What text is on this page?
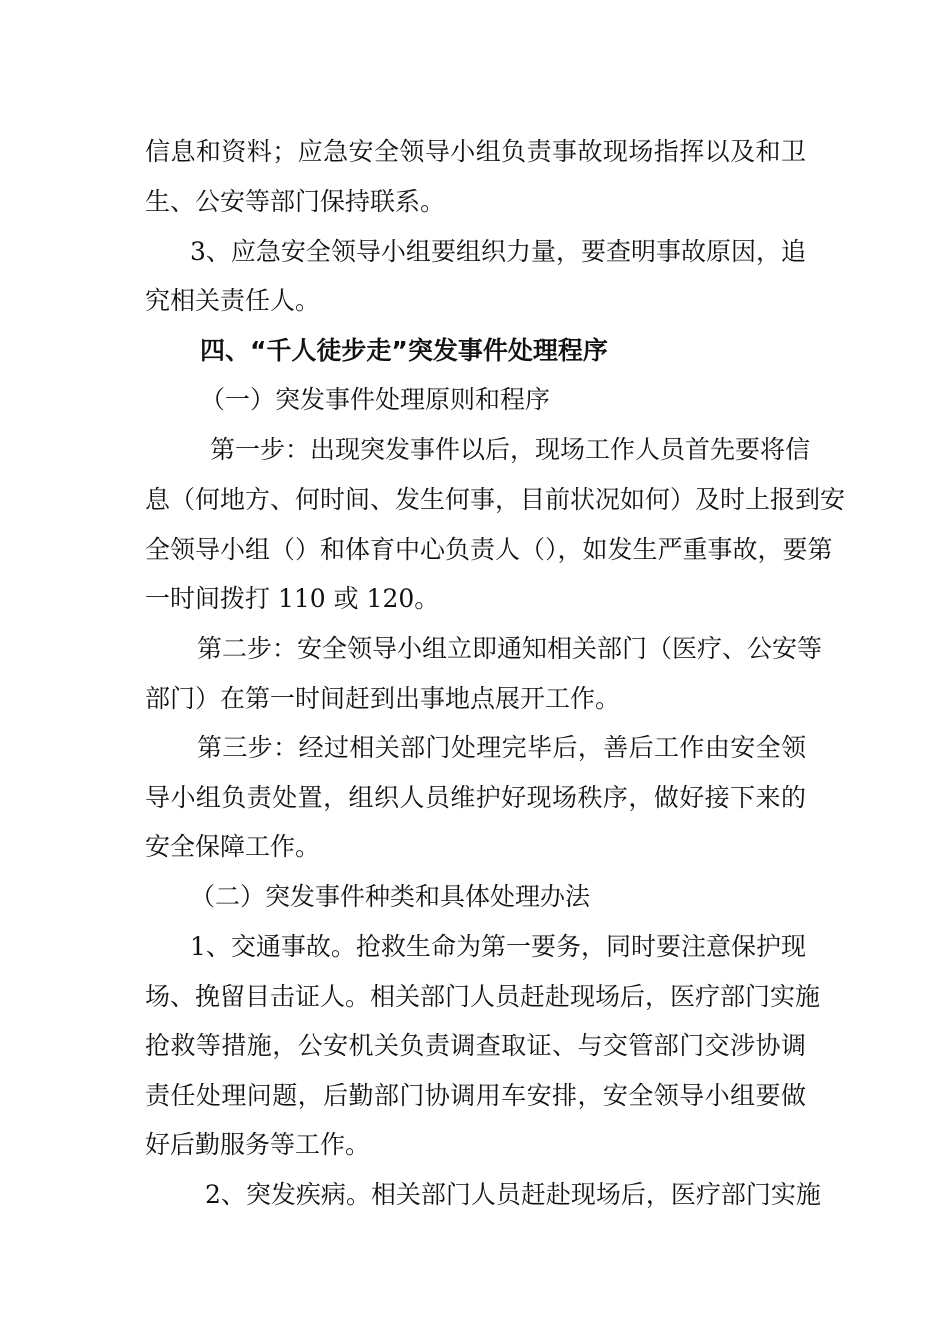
信息和资料；应急安全领导小组负责事故现场指挥以及和卫
生、公安等部门保持联系。
3、应急安全领导小组要组织力量，要查明事故原因，追
究相关责任人。
四、“千人徒步走”突发事件处理程序
（一）突发事件处理原则和程序
第一步：出现突发事件以后，现场工作人员首先要将信
息（何地方、何时间、发生何事，目前状况如何）及时上报到安
全领导小组（）和体育中心负责人（），如发生严重事故，要第
一时间拨打 110 或 120。
第二步：安全领导小组立即通知相关部门（医疗、公安等
部门）在第一时间赶到出事地点展开工作。
第三步：经过相关部门处理完毕后，善后工作由安全领
导小组负责处置，组织人员维护好现场秩序，做好接下来的
安全保障工作。
（二）突发事件种类和具体处理办法
1、交通事故。抢救生命为第一要务，同时要注意保护现
场、挽留目击证人。相关部门人员赶赴现场后，医疗部门实施
抢救等措施，公安机关负责调查取证、与交管部门交涉协调
责任处理问题，后勤部门协调用车安排，安全领导小组要做
好后勤服务等工作。
2、突发疾病。相关部门人员赶赴现场后，医疗部门实施
